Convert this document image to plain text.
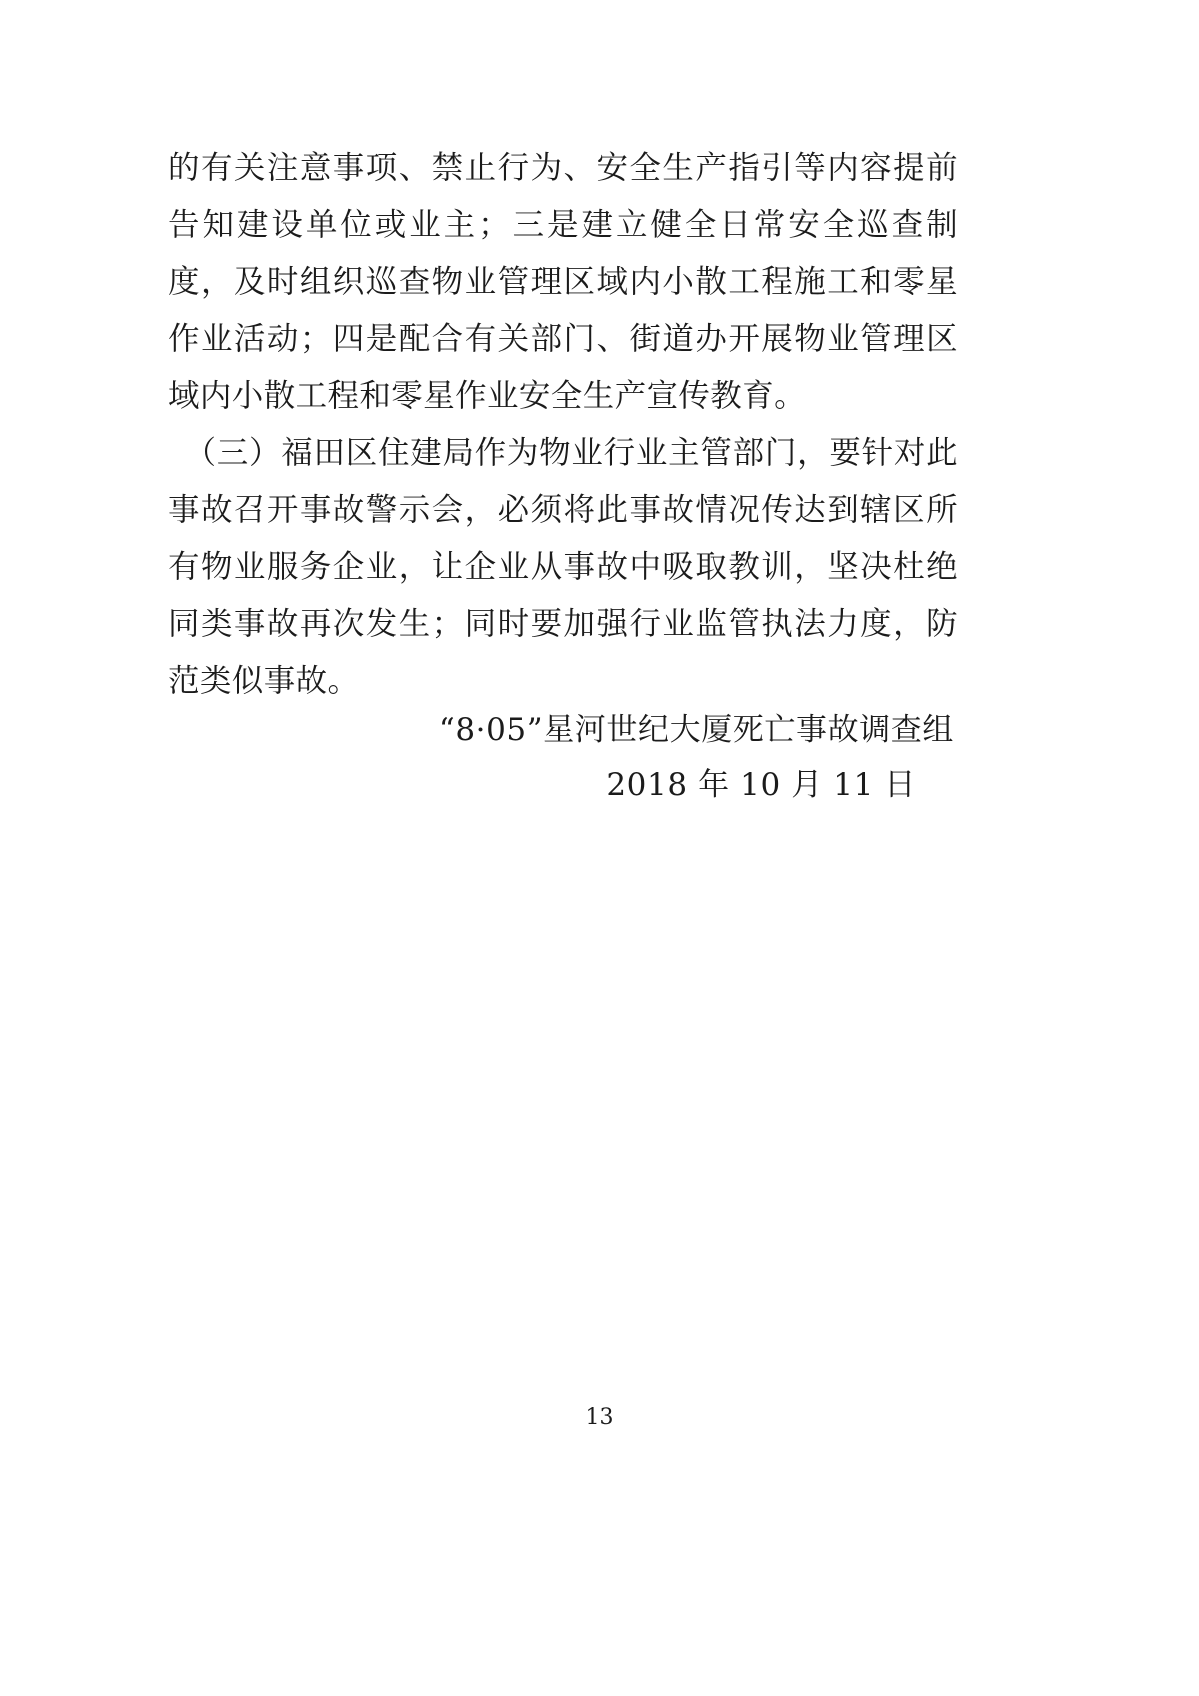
的有关注意事项、禁止行为、安全生产指引等内容提前告知建设单位或业主；三是建立健全日常安全巡查制度，及时组织巡查物业管理区域内小散工程施工和零星作业活动；四是配合有关部门、街道办开展物业管理区域内小散工程和零星作业安全生产宣传教育。

　（三）福田区住建局作为物业行业主管部门，要针对此事故召开事故警示会，必须将此事故情况传达到辖区所有物业服务企业，让企业从事故中吸取教训，坚决杜绝同类事故再次发生；同时要加强行业监管执法力度，防范类似事故。

“8·05”星河世纪大厦死亡事故调查组
2018 年 10 月 11 日
13
